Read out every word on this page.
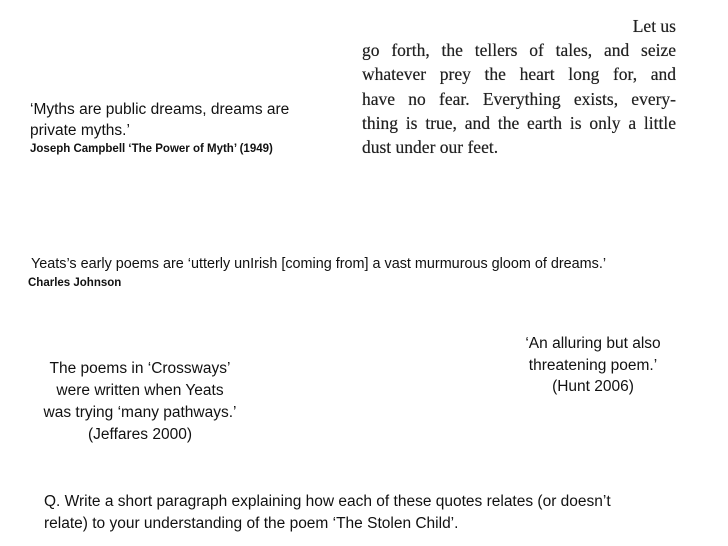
‘Myths are public dreams, dreams are
private myths.’
Joseph Campbell ‘The Power of Myth’ (1949)
Let us
go forth, the tellers of tales, and seize
whatever prey the heart long for, and
have no fear. Everything exists, every-
thing is true, and the earth is only a little
dust under our feet.
Yeats’s early poems are ‘utterly unIrish [coming from] a vast murmurous gloom of dreams.’
Charles Johnson
The poems in ‘Crossways’
were written when Yeats
was trying ‘many pathways.’
(Jeffares 2000)
‘An alluring but also
threatening poem.’
(Hunt 2006)
Q. Write a short paragraph explaining how each of these quotes relates (or doesn’t
relate) to your understanding of the poem ‘The Stolen Child’.
